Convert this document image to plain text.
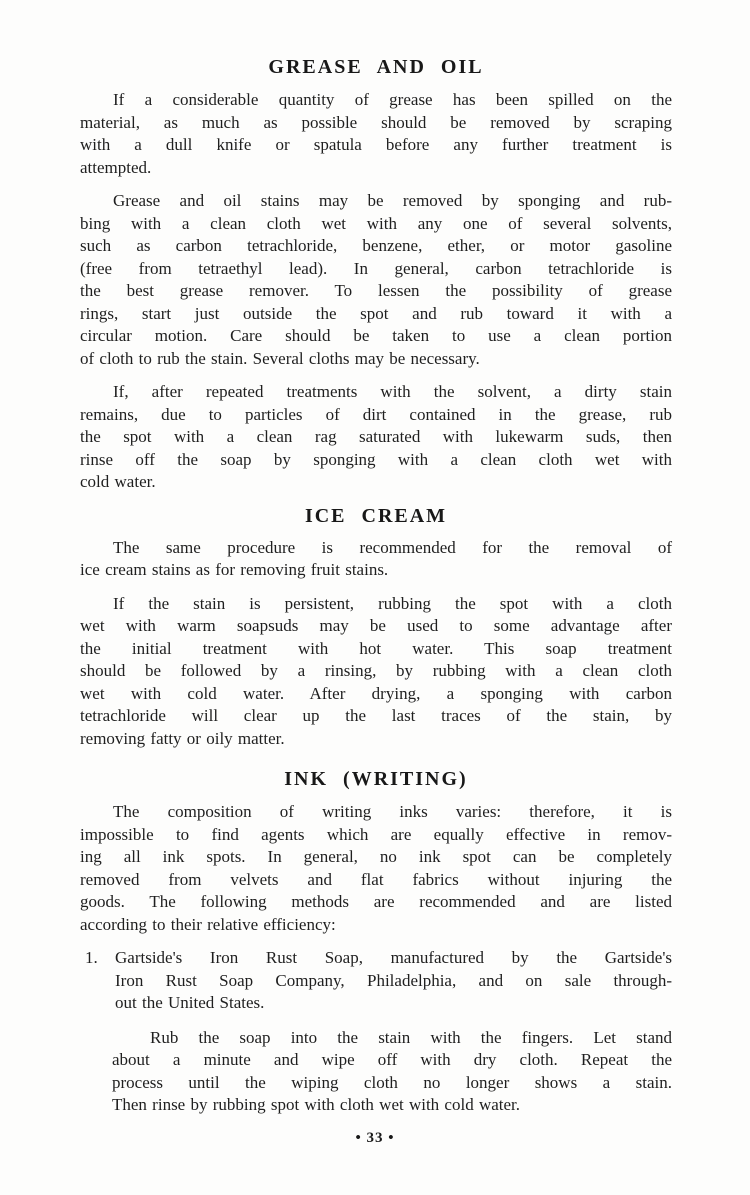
GREASE AND OIL
If a considerable quantity of grease has been spilled on the
material, as much as possible should be removed by scraping
with a dull knife or spatula before any further treatment is
attempted.
Grease and oil stains may be removed by sponging and rub-
bing with a clean cloth wet with any one of several solvents,
such as carbon tetrachloride, benzene, ether, or motor gasoline
(free from tetraethyl lead). In general, carbon tetrachloride is
the best grease remover. To lessen the possibility of grease
rings, start just outside the spot and rub toward it with a
circular motion. Care should be taken to use a clean portion
of cloth to rub the stain. Several cloths may be necessary.
If, after repeated treatments with the solvent, a dirty stain
remains, due to particles of dirt contained in the grease, rub
the spot with a clean rag saturated with lukewarm suds, then
rinse off the soap by sponging with a clean cloth wet with
cold water.
ICE CREAM
The same procedure is recommended for the removal of
ice cream stains as for removing fruit stains.
If the stain is persistent, rubbing the spot with a cloth
wet with warm soapsuds may be used to some advantage after
the initial treatment with hot water. This soap treatment
should be followed by a rinsing, by rubbing with a clean cloth
wet with cold water. After drying, a sponging with carbon
tetrachloride will clear up the last traces of the stain, by
removing fatty or oily matter.
INK (WRITING)
The composition of writing inks varies: therefore, it is
impossible to find agents which are equally effective in remov-
ing all ink spots. In general, no ink spot can be completely
removed from velvets and flat fabrics without injuring the
goods. The following methods are recommended and are listed
according to their relative efficiency:
1. Gartside's Iron Rust Soap, manufactured by the Gartside's
Iron Rust Soap Company, Philadelphia, and on sale through-
out the United States.
Rub the soap into the stain with the fingers. Let stand
about a minute and wipe off with dry cloth. Repeat the
process until the wiping cloth no longer shows a stain.
Then rinse by rubbing spot with cloth wet with cold water.
• 33 •
